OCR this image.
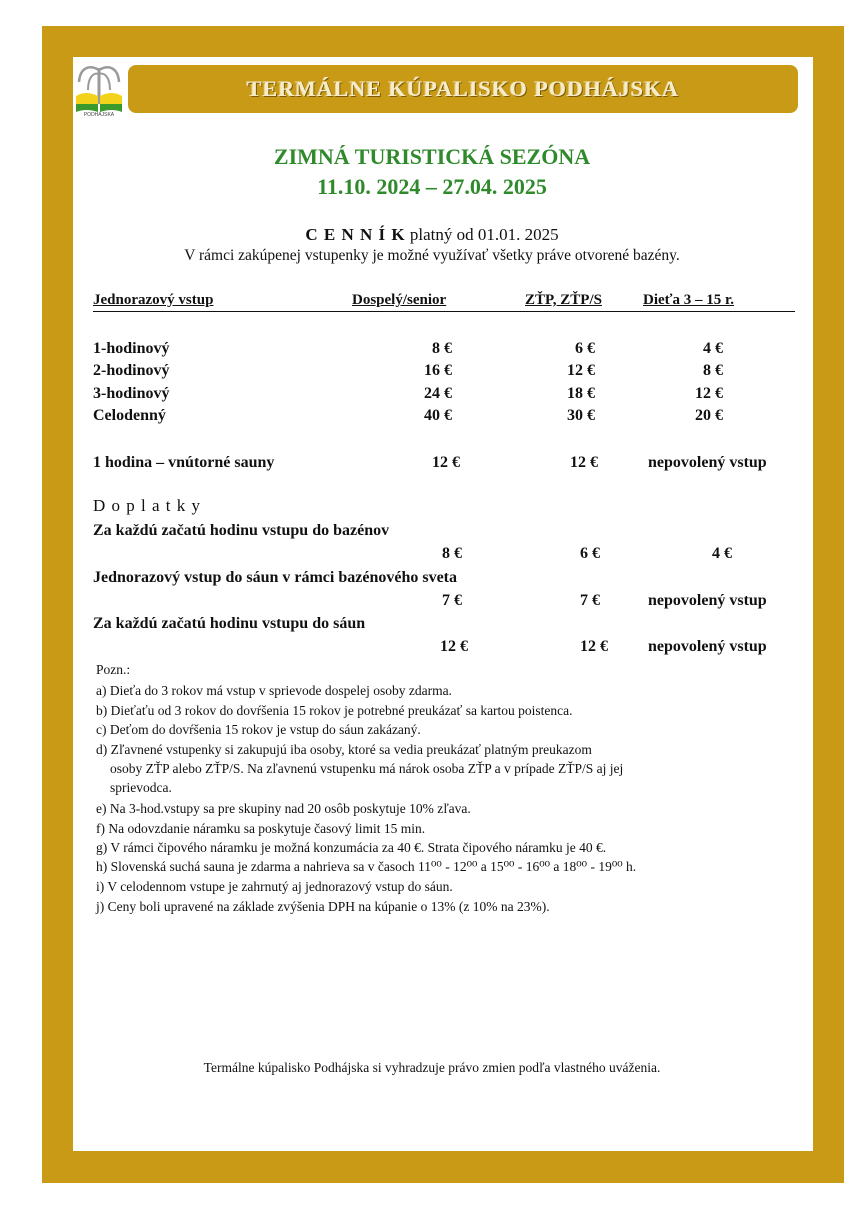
PODHÁJSKA
TERMÁLNE KÚPALISKO PODHÁJSKA
ZIMNÁ TURISTICKÁ SEZÓNA
11.10. 2024 – 27.04. 2025
C E N N Í K platný od 01.01. 2025
V rámci zakúpenej vstupenky je možné využívať všetky práve otvorené bazény.
Jednorazový vstup	Dospelý/senior	ZŤP, ZŤP/S	Dieťa 3 – 15 r.
1-hodinový	8 €	6 €	4 €
2-hodinový	16 €	12 €	8 €
3-hodinový	24 €	18 €	12 €
Celodenný	40 €	30 €	20 €
1 hodina – vnútorné sauny	12 €	12 €	nepovolený vstup
D o p l a t k y
Za každú začatú hodinu vstupu do bazénov
8 €	6 €	4 €
Jednorazový vstup do sáun v rámci bazénového sveta
7 €	7 €	nepovolený vstup
Za každú začatú hodinu vstupu do sáun
12 €	12 €	nepovolený vstup
Pozn.:
a) Dieťa do 3 rokov má vstup v sprievode dospelej osoby zdarma.
b) Dieťaťu od 3 rokov do dovŕšenia 15 rokov je potrebné preukázať sa kartou poistenca.
c) Deťom do dovŕšenia 15 rokov je vstup do sáun zakázaný.
d) Zľavnené vstupenky si zakupujú iba osoby, ktoré sa vedia preukázať platným preukazom
osoby ZŤP alebo ZŤP/S. Na zľavnenú vstupenku má nárok osoba ZŤP a v prípade ZŤP/S aj jej
sprievodca.
e) Na 3-hod.vstupy sa pre skupiny nad 20 osôb poskytuje 10% zľava.
f) Na odovzdanie náramku sa poskytuje časový limit 15 min.
g) V rámci čipového náramku je možná konzumácia za 40 €. Strata čipového náramku je 40 €.
h) Slovenská suchá sauna je zdarma a nahrieva sa v časoch 11⁰⁰ - 12⁰⁰ a 15⁰⁰ - 16⁰⁰ a 18⁰⁰ - 19⁰⁰ h.
i) V celodennom vstupe je zahrnutý aj jednorazový vstup do sáun.
j) Ceny boli upravené na základe zvýšenia DPH na kúpanie o 13% (z 10% na 23%).
Termálne kúpalisko Podhájska si vyhradzuje právo zmien podľa vlastného uváženia.
